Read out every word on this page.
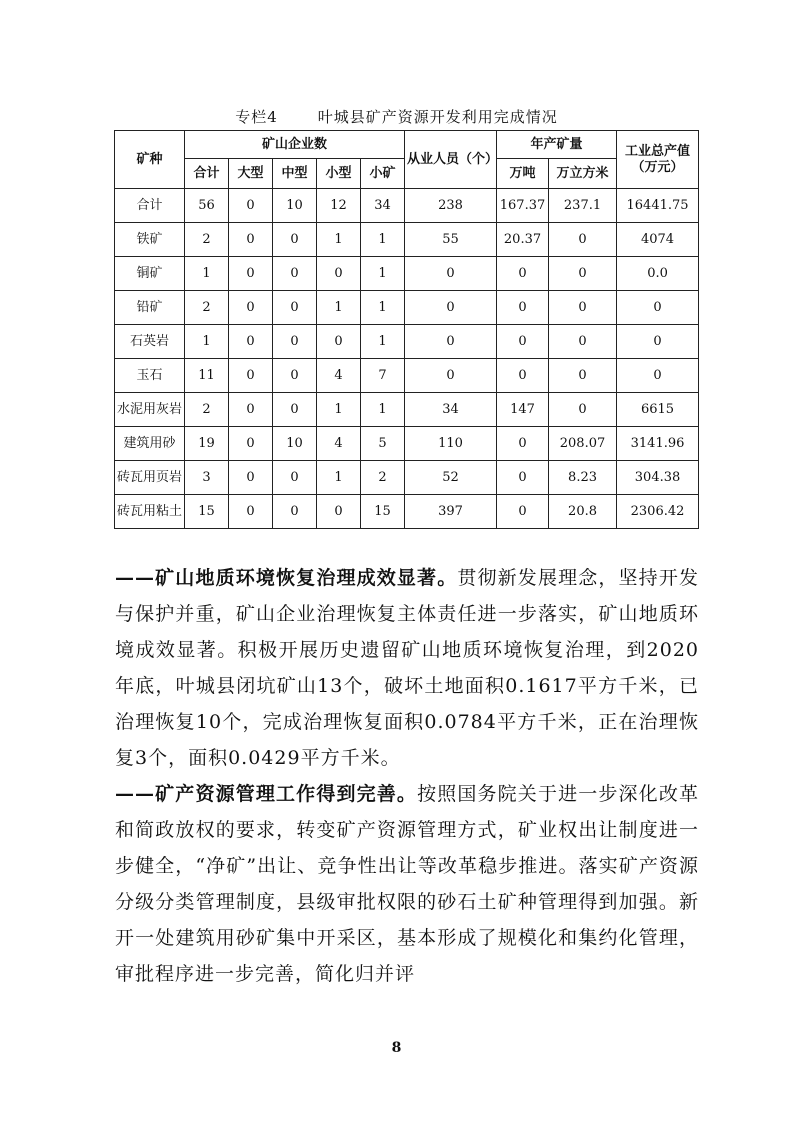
专栏4	叶城县矿产资源开发利用完成情况
矿种	矿山企业数					从业人员（个）	年产矿量		工业总产值（万元）
	合计	大型	中型	小型	小矿		万吨	万立方米	
合计	56	0	10	12	34	238	167.37	237.1	16441.75
铁矿	2	0	0	1	1	55	20.37	0	4074
铜矿	1	0	0	0	1	0	0	0	0.0
铅矿	2	0	0	1	1	0	0	0	0
石英岩	1	0	0	0	1	0	0	0	0
玉石	11	0	0	4	7	0	0	0	0
水泥用灰岩	2	0	0	1	1	34	147	0	6615
建筑用砂	19	0	10	4	5	110	0	208.07	3141.96
砖瓦用页岩	3	0	0	1	2	52	0	8.23	304.38
砖瓦用粘土	15	0	0	0	15	397	0	20.8	2306.42
——矿山地质环境恢复治理成效显著。贯彻新发展理念，坚持开发与保护并重，矿山企业治理恢复主体责任进一步落实，矿山地质环境成效显著。积极开展历史遗留矿山地质环境恢复治理，到2020年底，叶城县闭坑矿山13个，破坏土地面积0.1617平方千米，已治理恢复10个，完成治理恢复面积0.0784平方千米，正在治理恢复3个，面积0.0429平方千米。
——矿产资源管理工作得到完善。按照国务院关于进一步深化改革和简政放权的要求，转变矿产资源管理方式，矿业权出让制度进一步健全，“净矿”出让、竞争性出让等改革稳步推进。落实矿产资源分级分类管理制度，县级审批权限的砂石土矿种管理得到加强。新开一处建筑用砂矿集中开采区，基本形成了规模化和集约化管理，审批程序进一步完善，简化归并评
8
